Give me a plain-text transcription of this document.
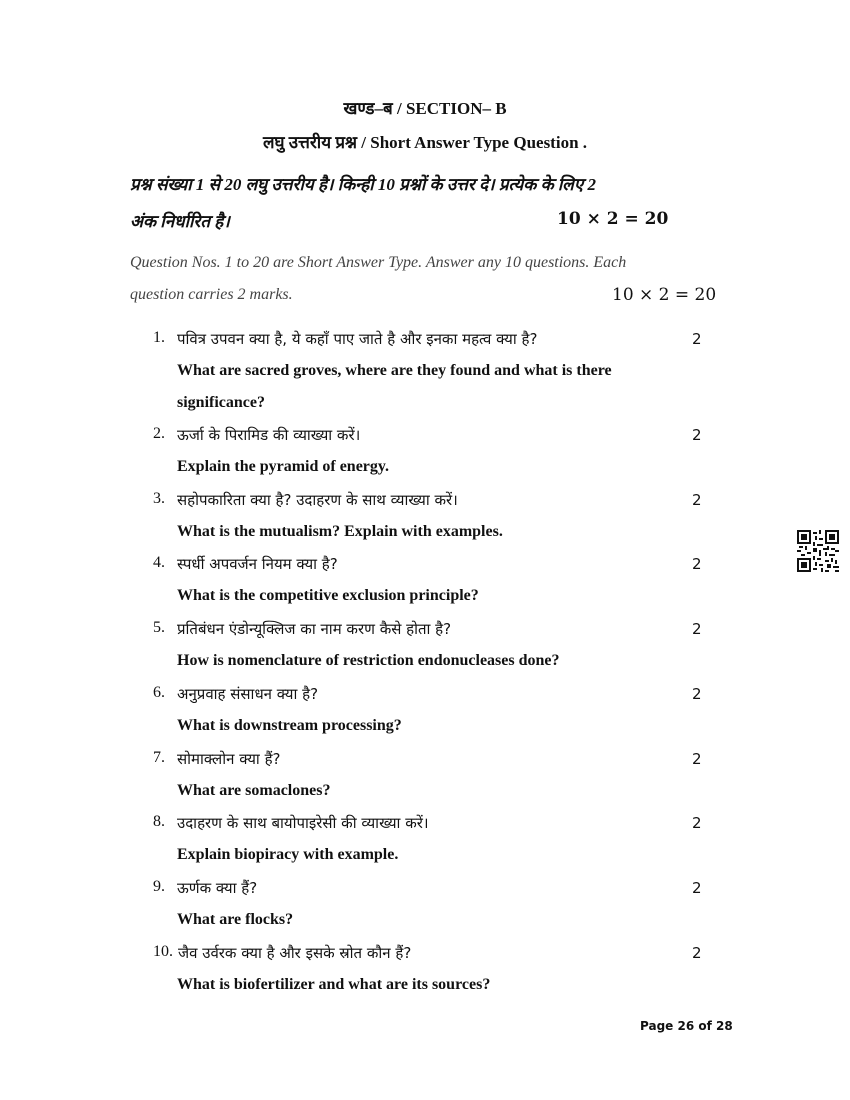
खण्ड–ब / SECTION– B
लघु उत्तरीय प्रश्न / Short Answer Type Question .
प्रश्न संख्या 1 से 20 लघु उत्तरीय है। किन्ही 10 प्रश्नों के उत्तर दे। प्रत्येक के लिए 2
अंक निर्धारित है।	10 × 2 = 20
Question Nos. 1 to 20 are Short Answer Type. Answer any 10 questions. Each
question carries 2 marks.	10 × 2 = 20
1. पवित्र उपवन क्या है, ये कहाँ पाए जाते है और इनका महत्व क्या है?	2
What are sacred groves, where are they found and what is there
significance?
2. ऊर्जा के पिरामिड की व्याख्या करें।	2
Explain the pyramid of energy.
3. सहोपकारिता क्या है? उदाहरण के साथ व्याख्या करें।	2
What is the mutualism? Explain with examples.
4. स्पर्धी अपवर्जन नियम क्या है?	2
What is the competitive exclusion principle?
5. प्रतिबंधन एंडोन्यूक्लिज का नाम करण कैसे होता है?	2
How is nomenclature of restriction endonucleases done?
6. अनुप्रवाह संसाधन क्या है?	2
What is downstream processing?
7. सोमाक्लोन क्या हैं?	2
What are somaclones?
8. उदाहरण के साथ बायोपाइरेसी की व्याख्या करें।	2
Explain biopiracy with example.
9. ऊर्णक क्या हैं?	2
What are flocks?
10. जैव उर्वरक क्या है और इसके स्रोत कौन हैं?	2
What is biofertilizer and what are its sources?
Page 26 of 28
